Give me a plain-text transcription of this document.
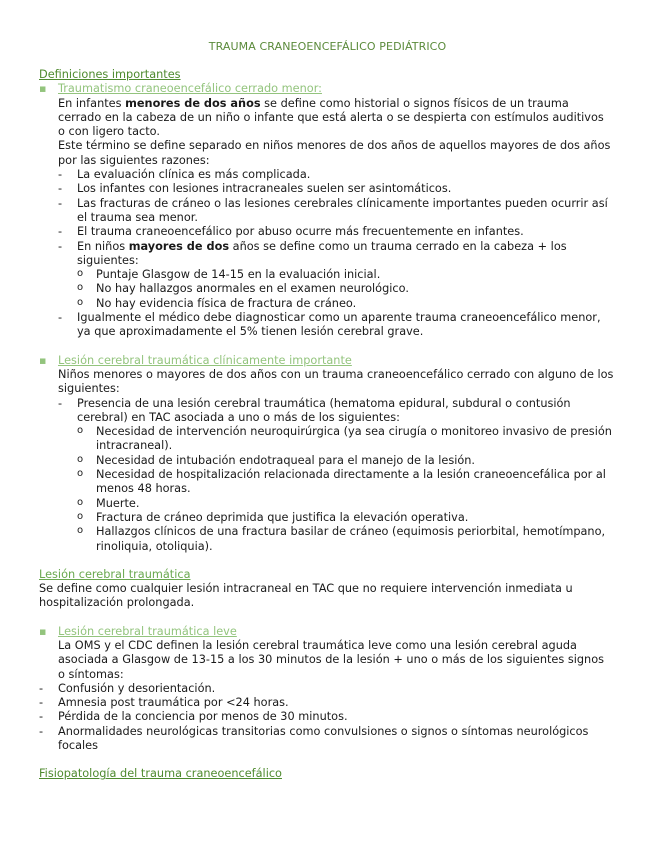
TRAUMA CRANEOENCEFÁLICO PEDIÁTRICO
Definiciones importantes
▪ Traumatismo craneoencefálico cerrado menor:
En infantes menores de dos años se define como historial o signos físicos de un trauma cerrado en la cabeza de un niño o infante que está alerta o se despierta con estímulos auditivos o con ligero tacto.
Este término se define separado en niños menores de dos años de aquellos mayores de dos años por las siguientes razones:
- La evaluación clínica es más complicada.
- Los infantes con lesiones intracraneales suelen ser asintomáticos.
- Las fracturas de cráneo o las lesiones cerebrales clínicamente importantes pueden ocurrir así el trauma sea menor.
- El trauma craneoencefálico por abuso ocurre más frecuentemente en infantes.
- En niños mayores de dos años se define como un trauma cerrado en la cabeza + los siguientes:
o Puntaje Glasgow de 14-15 en la evaluación inicial.
o No hay hallazgos anormales en el examen neurológico.
o No hay evidencia física de fractura de cráneo.
- Igualmente el médico debe diagnosticar como un aparente trauma craneoencefálico menor, ya que aproximadamente el 5% tienen lesión cerebral grave.
▪ Lesión cerebral traumática clínicamente importante
Niños menores o mayores de dos años con un trauma craneoencefálico cerrado con alguno de los siguientes:
- Presencia de una lesión cerebral traumática (hematoma epidural, subdural o contusión cerebral) en TAC asociada a uno o más de los siguientes:
o Necesidad de intervención neuroquirúrgica (ya sea cirugía o monitoreo invasivo de presión intracraneal).
o Necesidad de intubación endotraqueal para el manejo de la lesión.
o Necesidad de hospitalización relacionada directamente a la lesión craneoencefálica por al menos 48 horas.
o Muerte.
o Fractura de cráneo deprimida que justifica la elevación operativa.
o Hallazgos clínicos de una fractura basilar de cráneo (equimosis periorbital, hemotímpano, rinoliquia, otoliquia).
Lesión cerebral traumática
Se define como cualquier lesión intracraneal en TAC que no requiere intervención inmediata u hospitalización prolongada.
▪ Lesión cerebral traumática leve
La OMS y el CDC definen la lesión cerebral traumática leve como una lesión cerebral aguda asociada a Glasgow de 13-15 a los 30 minutos de la lesión + uno o más de los siguientes signos o síntomas:
- Confusión y desorientación.
- Amnesia post traumática por <24 horas.
- Pérdida de la conciencia por menos de 30 minutos.
- Anormalidades neurológicas transitorias como convulsiones o signos o síntomas neurológicos focales
Fisiopatología del trauma craneoencefálico
